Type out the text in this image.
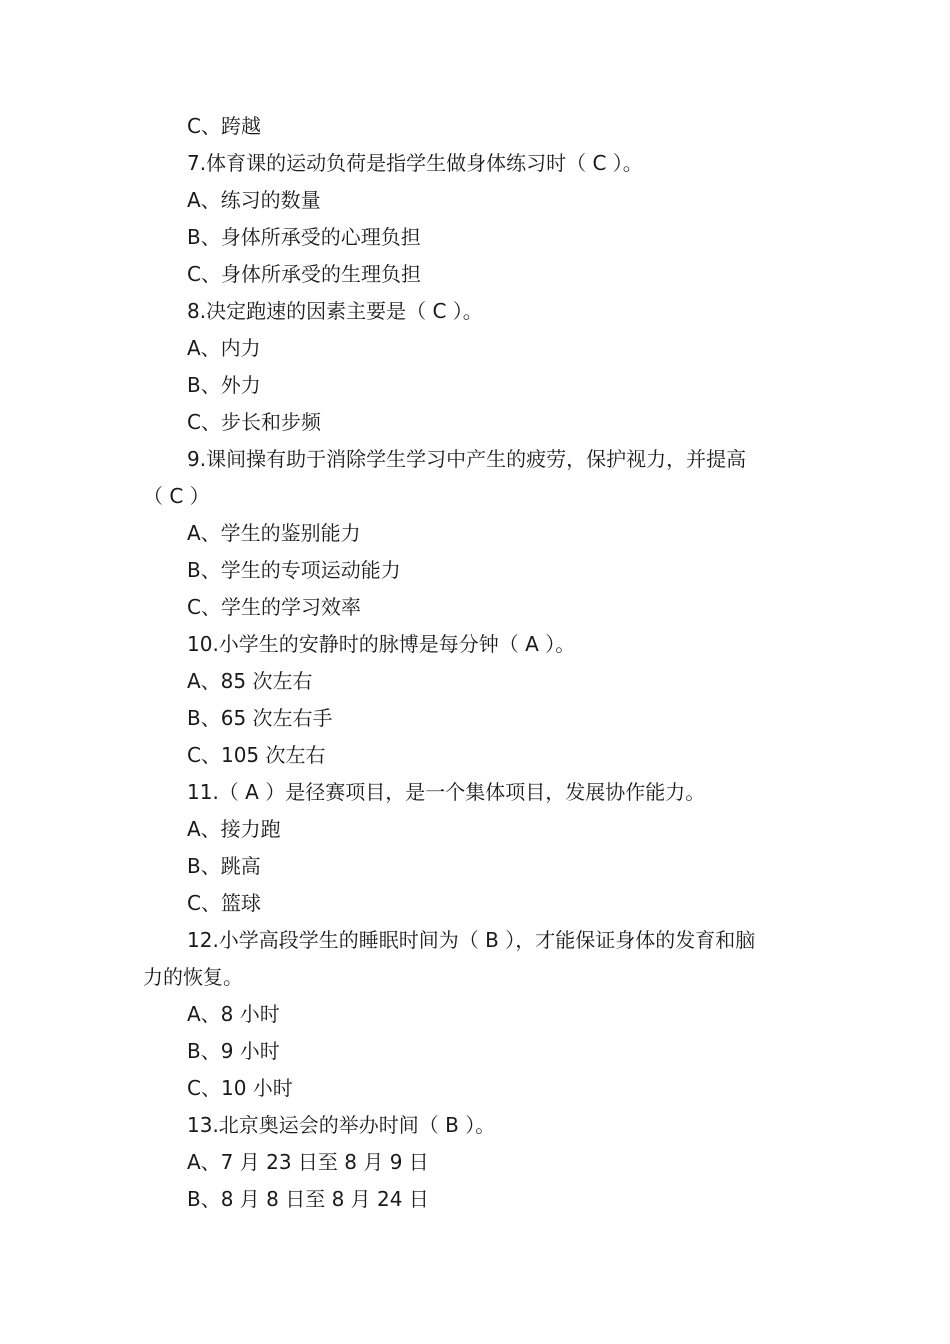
C、跨越
7.体育课的运动负荷是指学生做身体练习时（ C ）。
A、练习的数量
B、身体所承受的心理负担
C、身体所承受的生理负担
8.决定跑速的因素主要是（ C ）。
A、内力
B、外力
C、步长和步频
9.课间操有助于消除学生学习中产生的疲劳，保护视力，并提高
（ C ）
A、学生的鉴别能力
B、学生的专项运动能力
C、学生的学习效率
10.小学生的安静时的脉博是每分钟（ A ）。
A、85 次左右
B、65 次左右手
C、105 次左右
11.（ A ）是径赛项目，是一个集体项目，发展协作能力。
A、接力跑
B、跳高
C、篮球
12.小学高段学生的睡眠时间为（ B ），才能保证身体的发育和脑
力的恢复。
A、8 小时
B、9 小时
C、10 小时
13.北京奥运会的举办时间（ B ）。
A、7 月 23 日至 8 月 9 日
B、8 月 8 日至 8 月 24 日
